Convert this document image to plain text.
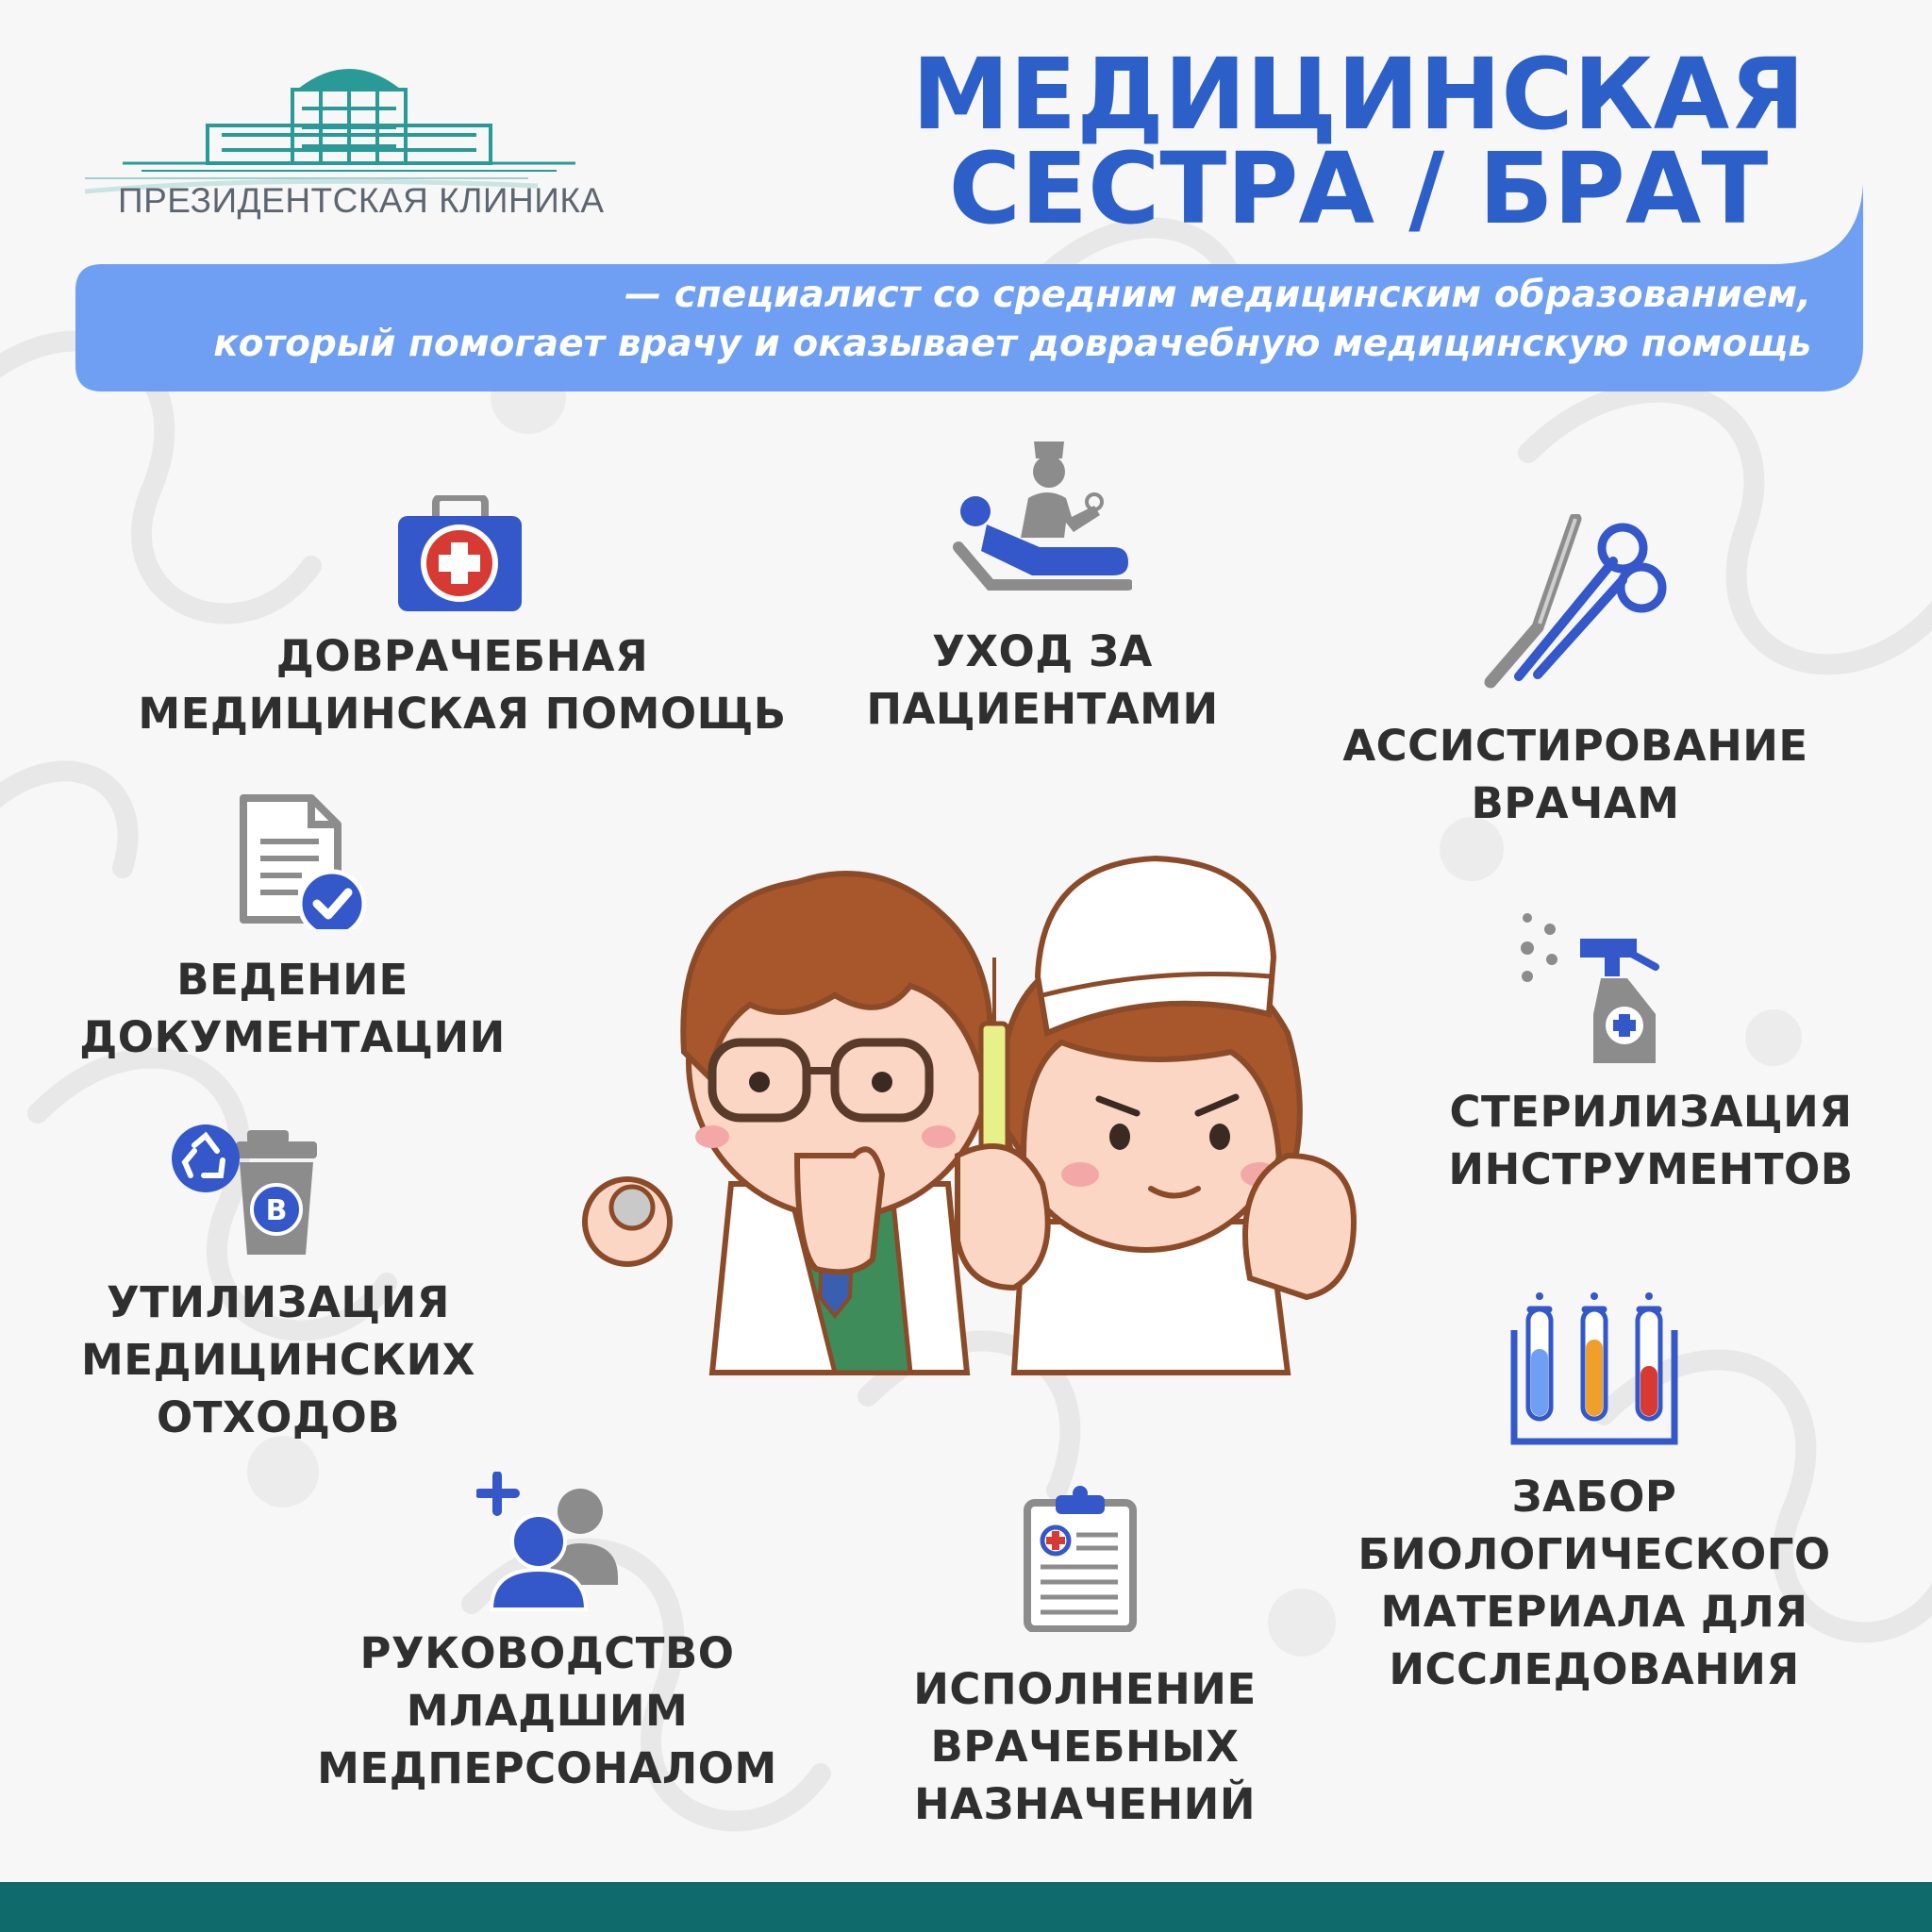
ПРЕЗИДЕНТСКАЯ КЛИНИКА
МЕДИЦИНСКАЯ
СЕСТРА / БРАТ
— специалист со средним медицинским образованием,
который помогает врачу и оказывает доврачебную медицинскую помощь
ДОВРАЧЕБНАЯ
МЕДИЦИНСКАЯ ПОМОЩЬ
УХОД ЗА
ПАЦИЕНТАМИ
АССИСТИРОВАНИЕ
ВРАЧАМ
ВЕДЕНИЕ
ДОКУМЕНТАЦИИ
СТЕРИЛИЗАЦИЯ
ИНСТРУМЕНТОВ
B
УТИЛИЗАЦИЯ
МЕДИЦИНСКИХ
ОТХОДОВ
ЗАБОР
БИОЛОГИЧЕСКОГО
МАТЕРИАЛА ДЛЯ
ИССЛЕДОВАНИЯ
РУКОВОДСТВО
МЛАДШИМ
МЕДПЕРСОНАЛОМ
ИСПОЛНЕНИЕ
ВРАЧЕБНЫХ
НАЗНАЧЕНИЙ
